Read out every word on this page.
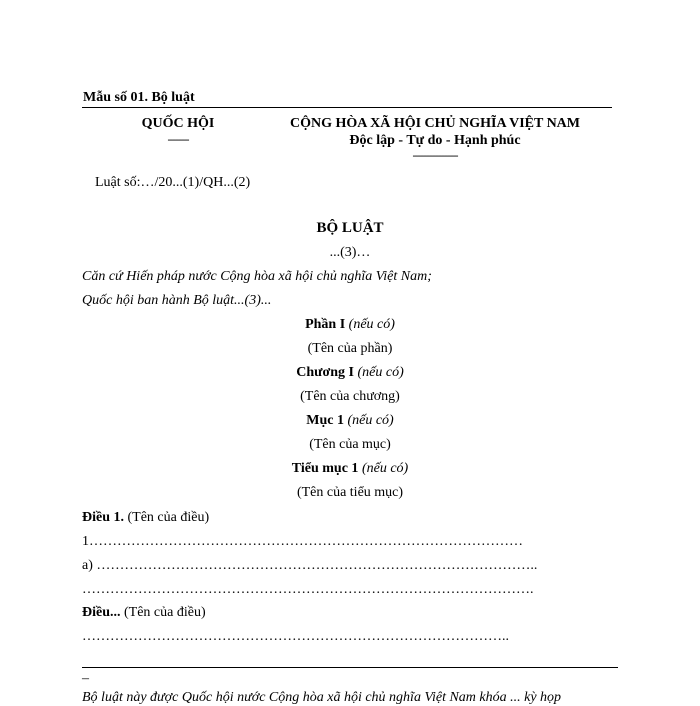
Mẫu số 01. Bộ luật
QUỐC HỘI
-------
CỘNG HÒA XÃ HỘI CHỦ NGHĨA VIỆT NAM
Độc lập - Tự do - Hạnh phúc
---------------
Luật số:…/20...(1)/QH...(2)
BỘ LUẬT
...(3)…
Căn cứ Hiến pháp nước Cộng hòa xã hội chủ nghĩa Việt Nam;
Quốc hội ban hành Bộ luật...(3)...
Phần I (nếu có)
(Tên của phần)
Chương I (nếu có)
(Tên của chương)
Mục 1 (nếu có)
(Tên của mục)
Tiểu mục 1 (nếu có)
(Tên của tiểu mục)
Điều 1. (Tên của điều)
1…………………………………………………………………………………
a) …………………………………………………………………………………..
…………………………………………………………………………………….
Điều... (Tên của điều)
………………………………………………………………………………..
–
Bộ luật này được Quốc hội nước Cộng hòa xã hội chủ nghĩa Việt Nam khóa ... kỳ họp
